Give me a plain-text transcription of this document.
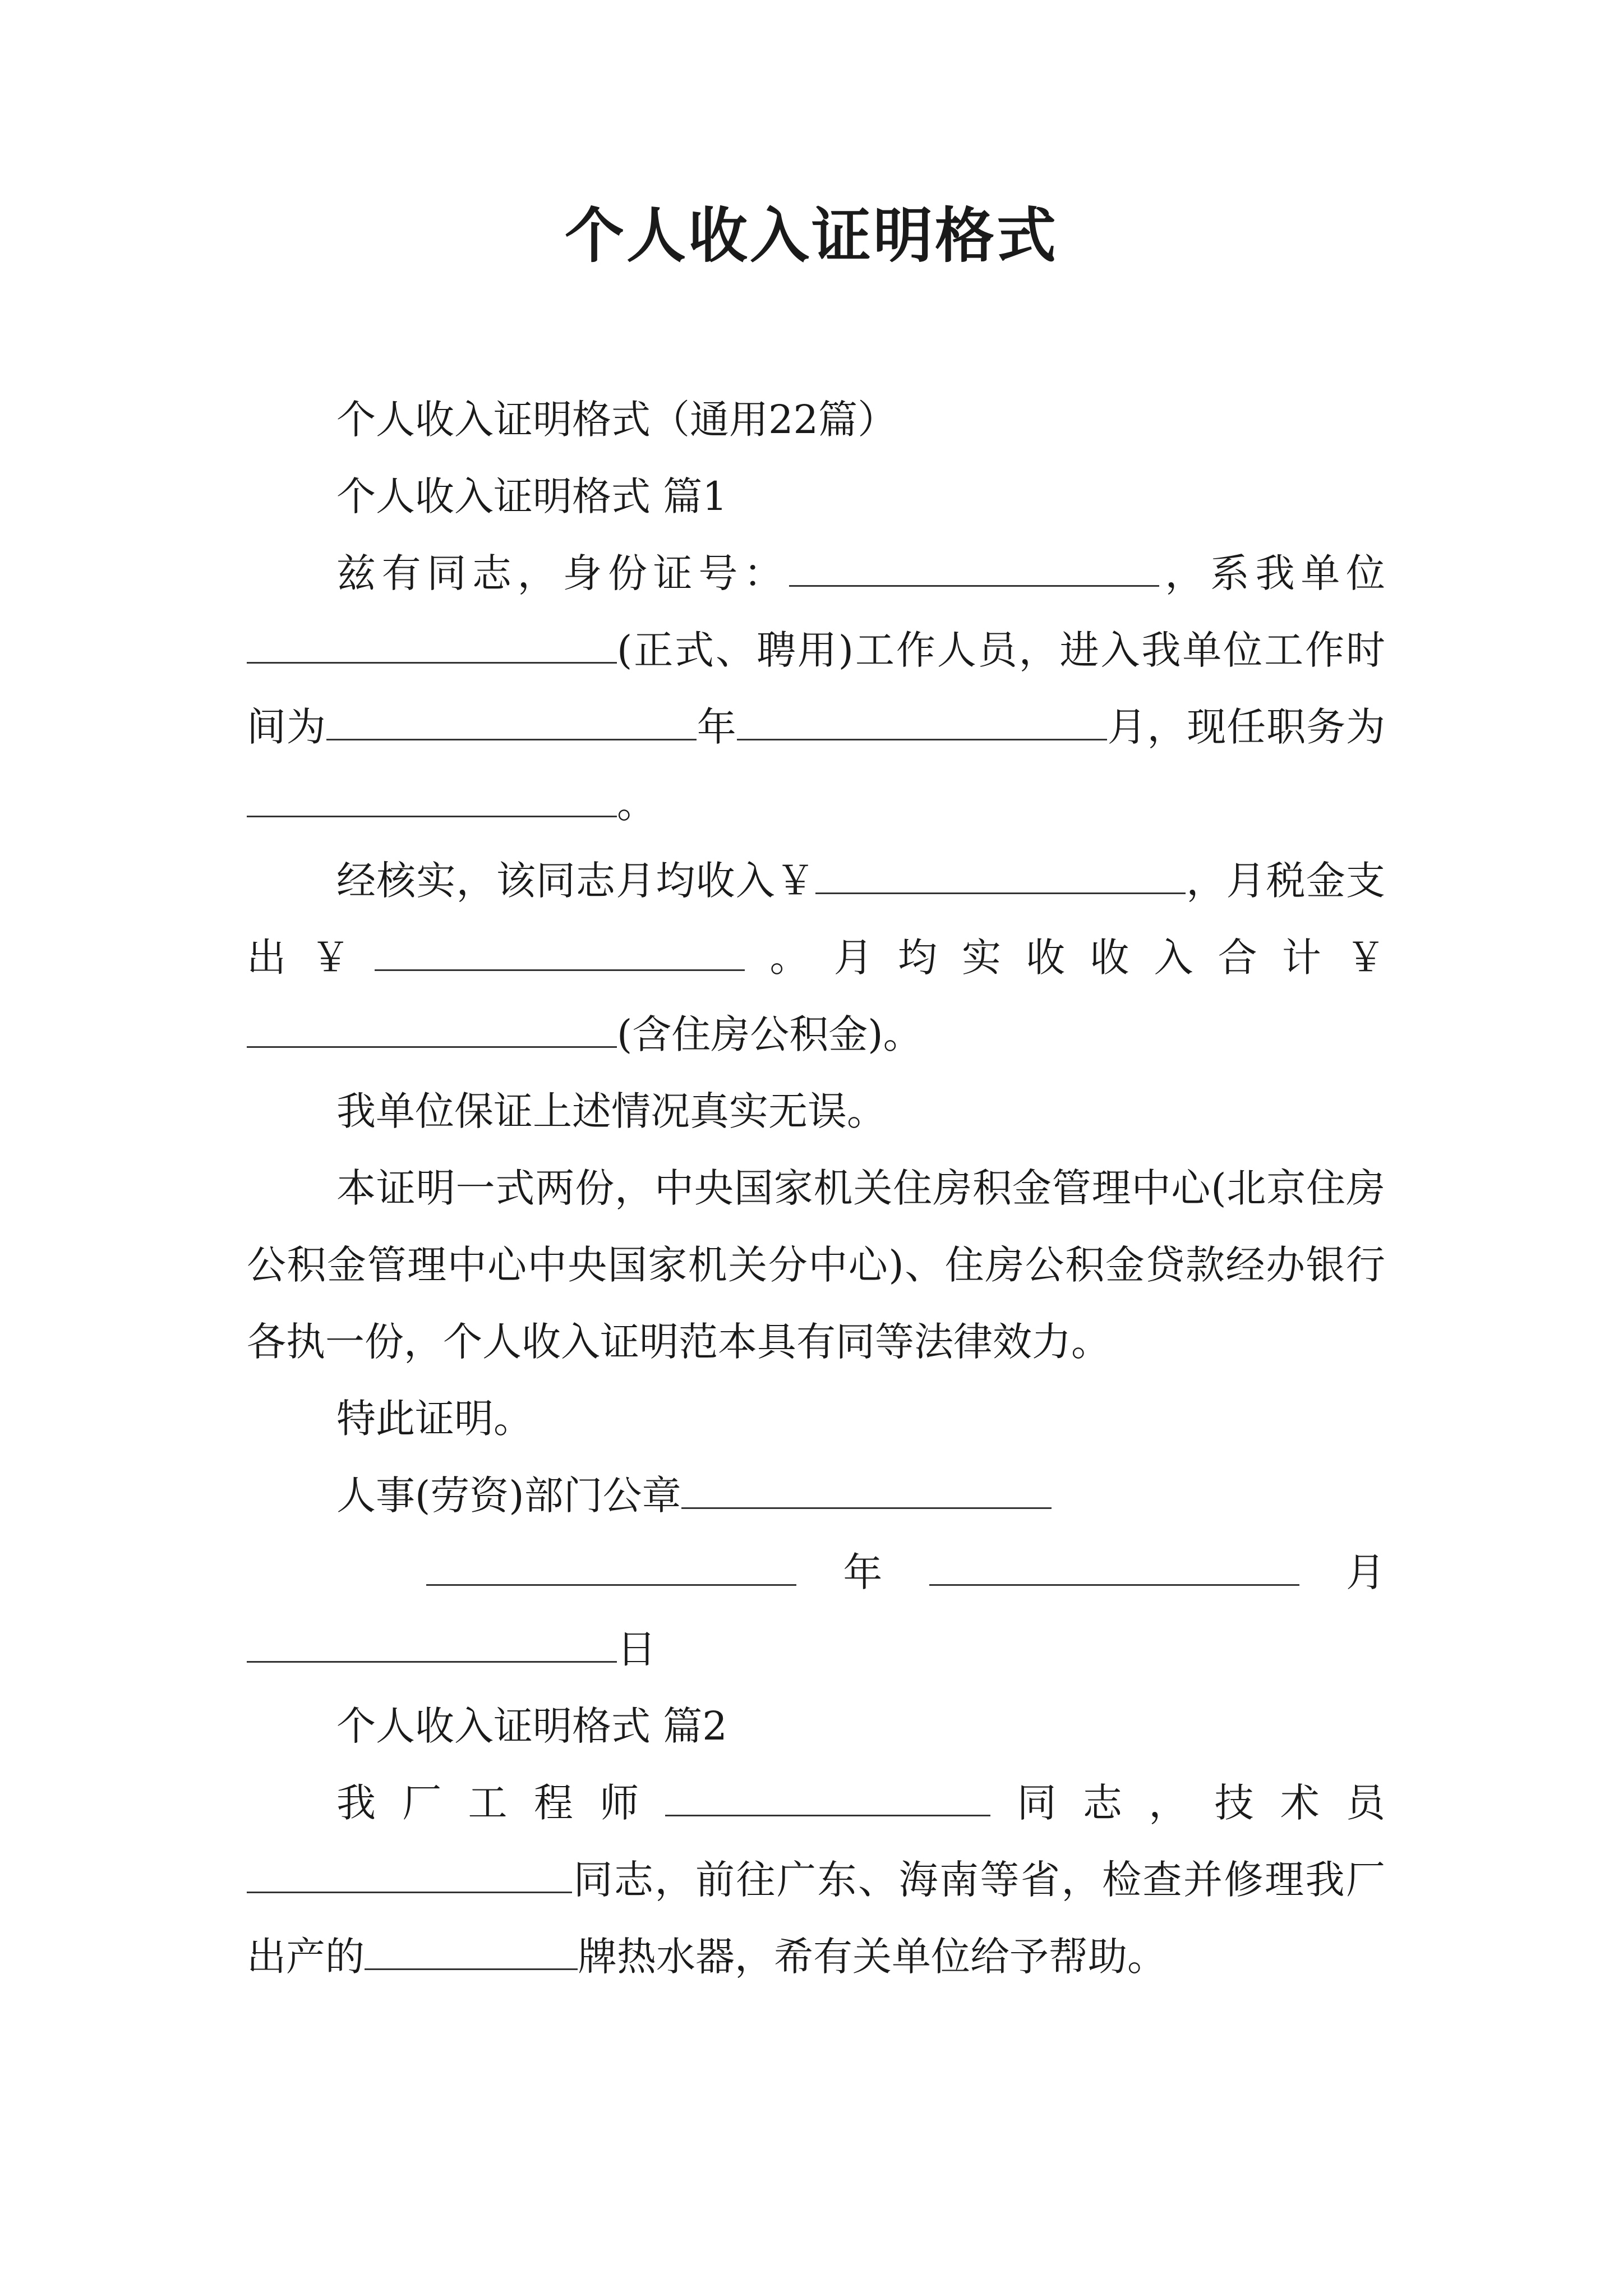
个人收入证明格式

个人收入证明格式（通用22篇）

个人收入证明格式 篇1

兹有同志，身份证号：	，系我单位(正式、聘用)工作人员，进入我单位工作时间为	年	月，现任职务为。

经核实，该同志月均收入￥	，月税金支出￥	。月均实收收入合计￥(含住房公积金)。

我单位保证上述情况真实无误。

本证明一式两份，中央国家机关住房积金管理中心(北京住房公积金管理中心中央国家机关分中心)、住房公积金贷款经办银行各执一份，个人收入证明范本具有同等法律效力。

特此证明。

人事(劳资)部门公章

年	月

日

个人收入证明格式 篇2

我厂工程师	同志，技术员同志，前往广东、海南等省，检查并修理我厂出产的	牌热水器，希有关单位给予帮助。
